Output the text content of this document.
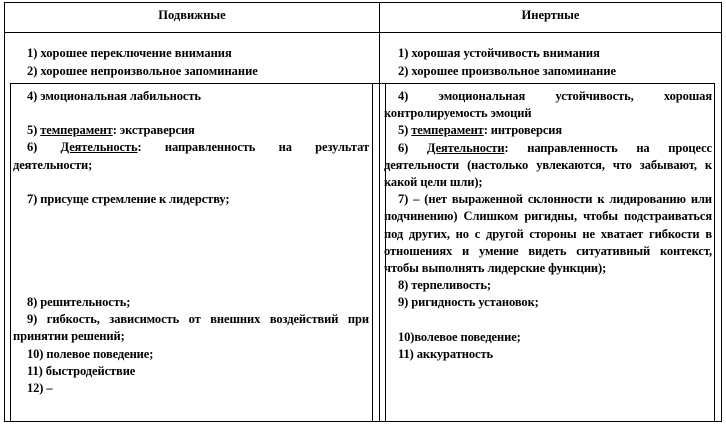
Подвижные	Инертные
1) хорошее переключение внимания
2) хорошее непроизвольное запоминание
1) хорошая устойчивость внимания
2) хорошее произвольное запоминание

4) эмоциональная лабильность

5) темперамент: экстраверсия

6) Деятельность: направленность на результат деятельности;

7) присуще стремление к лидерству;

8) решительность;

9) гибкость, зависимость от внешних воздействий при принятии решений;

10) полевое поведение;

11) быстродействие

12) –

4) эмоциональная устойчивость, хорошая контролируемость эмоций

5) темперамент: интроверсия

6) Деятельности: направленность на процесс деятельности (настолько увлекаются, что забывают, к какой цели шли);

7) – (нет выраженной склонности к лидированию или подчинению) Слишком ригидны, чтобы подстраиваться под других, но с другой стороны не хватает гибкости в отношениях и умение видеть ситуативный контекст, чтобы выполнять лидерские функции);

8) терпеливость;

9) ригидность установок;

10)волевое поведение;

11) аккуратность
